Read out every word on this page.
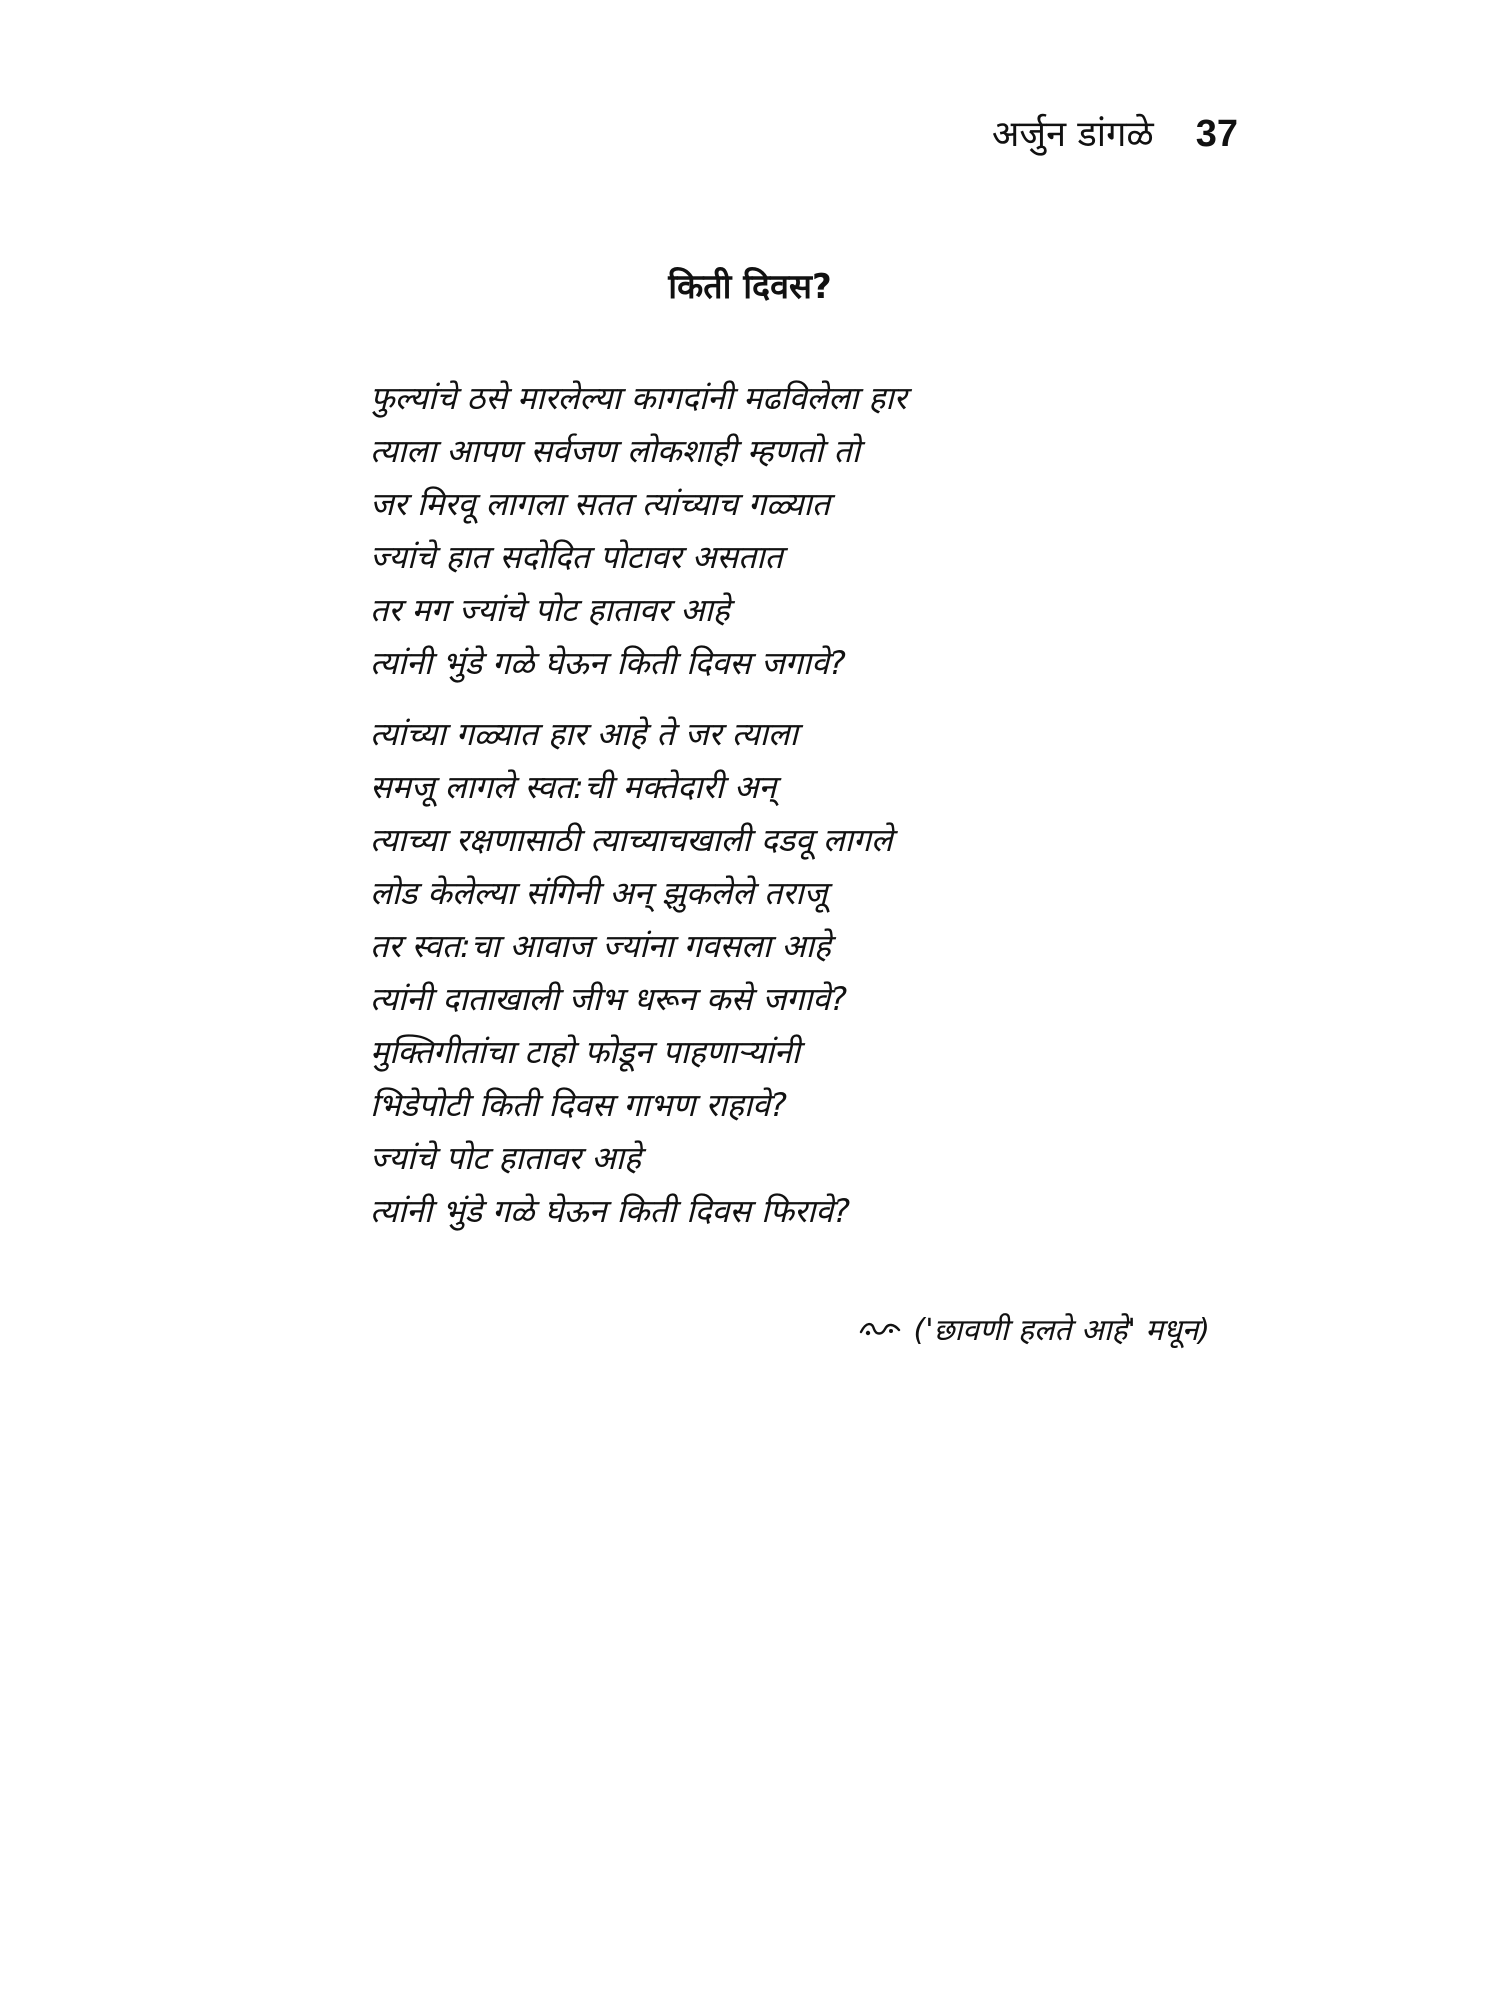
अर्जुन डांगळे 37
किती दिवस?

फुल्यांचे ठसे मारलेल्या कागदांनी मढविलेला हार
त्याला आपण सर्वजण लोकशाही म्हणतो तो
जर मिरवू लागला सतत त्यांच्याच गळ्यात
ज्यांचे हात सदोदित पोटावर असतात
तर मग ज्यांचे पोट हातावर आहे
त्यांनी भुंडे गळे घेऊन किती दिवस जगावे?

त्यांच्या गळ्यात हार आहे ते जर त्याला
समजू लागले स्वत:ची मक्तेदारी अन्
त्याच्या रक्षणासाठी त्याच्याचखाली दडवू लागले
लोड केलेल्या संगिनी अन् झुकलेले तराजू
तर स्वत:चा आवाज ज्यांना गवसला आहे
त्यांनी दाताखाली जीभ धरून कसे जगावे?
मुक्तिगीतांचा टाहो फोडून पाहणाऱ्यांनी
भिडेपोटी किती दिवस गाभण राहावे?
ज्यांचे पोट हातावर आहे
त्यांनी भुंडे गळे घेऊन किती दिवस फिरावे?

('छावणी हलते आहे' मधून)
